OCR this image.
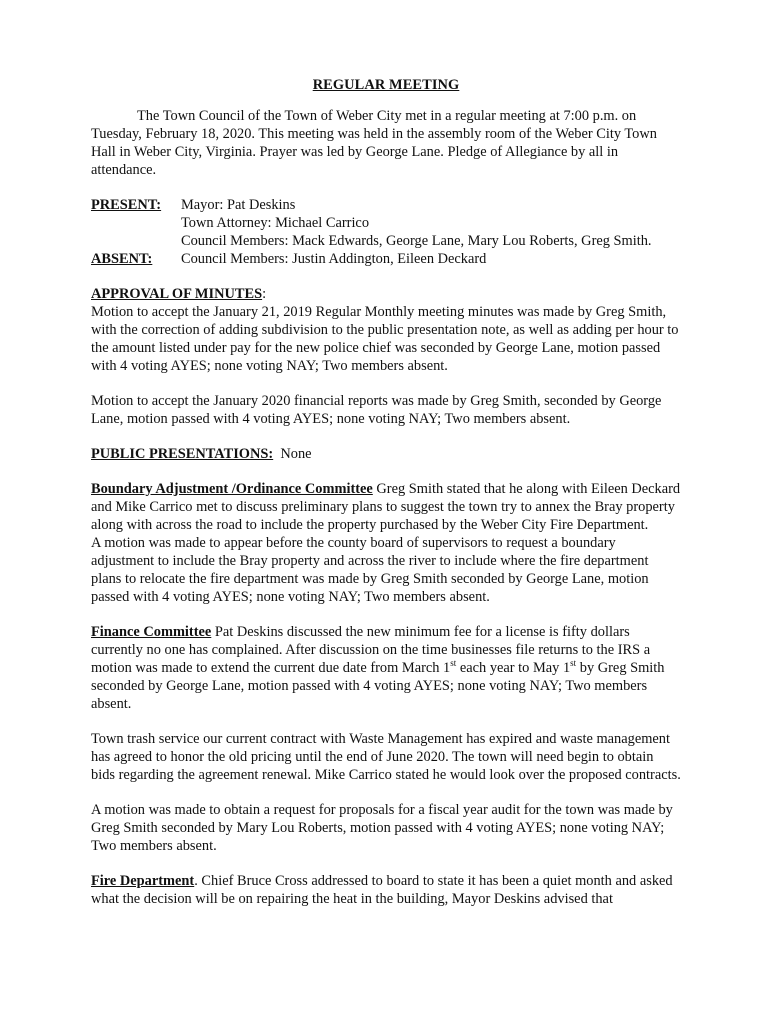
REGULAR MEETING

The Town Council of the Town of Weber City met in a regular meeting at 7:00 p.m. on Tuesday, February 18, 2020. This meeting was held in the assembly room of the Weber City Town Hall in Weber City, Virginia. Prayer was led by George Lane. Pledge of Allegiance by all in attendance.

PRESENT:	Mayor: Pat Deskins
Town Attorney: Michael Carrico
Council Members: Mack Edwards, George Lane, Mary Lou Roberts, Greg Smith.
ABSENT:	Council Members: Justin Addington, Eileen Deckard

APPROVAL OF MINUTES:

Motion to accept the January 21, 2019 Regular Monthly meeting minutes was made by Greg Smith, with the correction of adding subdivision to the public presentation note, as well as adding per hour to the amount listed under pay for the new police chief was seconded by George Lane, motion passed with 4 voting AYES; none voting NAY; Two members absent.

Motion to accept the January 2020 financial reports was made by Greg Smith, seconded by George Lane, motion passed with 4 voting AYES; none voting NAY; Two members absent.

PUBLIC PRESENTATIONS: None

Boundary Adjustment /Ordinance Committee Greg Smith stated that he along with Eileen Deckard and Mike Carrico met to discuss preliminary plans to suggest the town try to annex the Bray property along with across the road to include the property purchased by the Weber City Fire Department.

A motion was made to appear before the county board of supervisors to request a boundary adjustment to include the Bray property and across the river to include where the fire department plans to relocate the fire department was made by Greg Smith seconded by George Lane, motion passed with 4 voting AYES; none voting NAY; Two members absent.

Finance Committee Pat Deskins discussed the new minimum fee for a license is fifty dollars currently no one has complained. After discussion on the time businesses file returns to the IRS a motion was made to extend the current due date from March 1st each year to May 1st by Greg Smith seconded by George Lane, motion passed with 4 voting AYES; none voting NAY; Two members absent.

Town trash service our current contract with Waste Management has expired and waste management has agreed to honor the old pricing until the end of June 2020. The town will need begin to obtain bids regarding the agreement renewal. Mike Carrico stated he would look over the proposed contracts.

A motion was made to obtain a request for proposals for a fiscal year audit for the town was made by Greg Smith seconded by Mary Lou Roberts, motion passed with 4 voting AYES; none voting NAY; Two members absent.

Fire Department. Chief Bruce Cross addressed to board to state it has been a quiet month and asked what the decision will be on repairing the heat in the building, Mayor Deskins advised that
